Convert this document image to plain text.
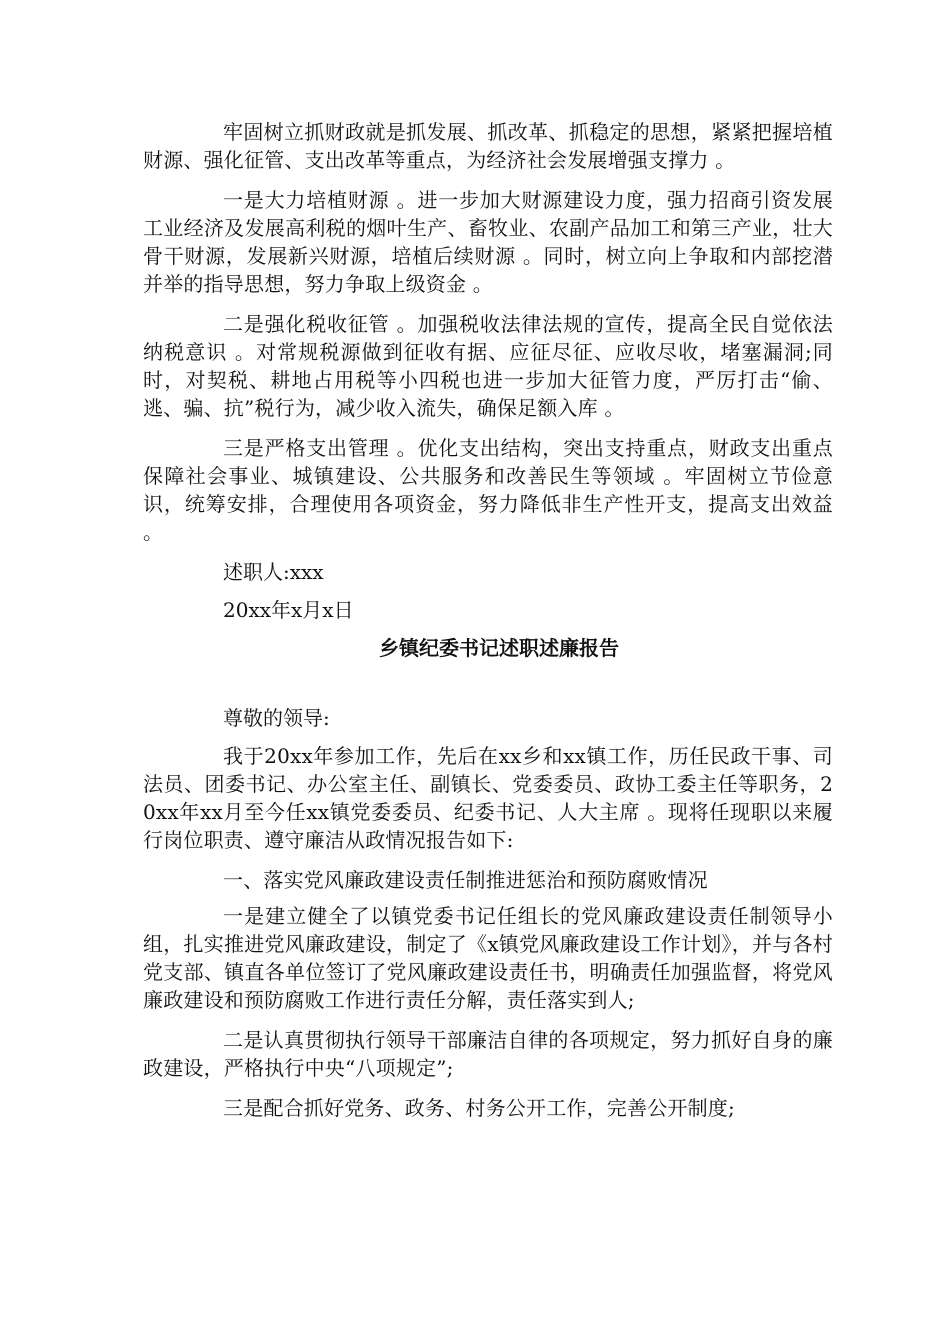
牢固树立抓财政就是抓发展、抓改革、抓稳定的思想，紧紧把握培植财源、强化征管、支出改革等重点，为经济社会发展增强支撑力 。

一是大力培植财源 。进一步加大财源建设力度，强力招商引资发展工业经济及发展高利税的烟叶生产、畜牧业、农副产品加工和第三产业，壮大骨干财源，发展新兴财源，培植后续财源 。同时，树立向上争取和内部挖潜并举的指导思想，努力争取上级资金 。

二是强化税收征管 。加强税收法律法规的宣传，提高全民自觉依法纳税意识 。对常规税源做到征收有据、应征尽征、应收尽收，堵塞漏洞;同时，对契税、耕地占用税等小四税也进一步加大征管力度，严厉打击“偷、逃、骗、抗”税行为，减少收入流失，确保足额入库 。

三是严格支出管理 。优化支出结构，突出支持重点，财政支出重点保障社会事业、城镇建设、公共服务和改善民生等领域 。牢固树立节俭意识，统筹安排，合理使用各项资金，努力降低非生产性开支，提高支出效益 。

述职人:xxx

20xx年x月x日

乡镇纪委书记述职述廉报告

尊敬的领导:

我于20xx年参加工作，先后在xx乡和xx镇工作，历任民政干事、司法员、团委书记、办公室主任、副镇长、党委委员、政协工委主任等职务，20xx年xx月至今任xx镇党委委员、纪委书记、人大主席 。现将任现职以来履行岗位职责、遵守廉洁从政情况报告如下:

一、落实党风廉政建设责任制推进惩治和预防腐败情况

一是建立健全了以镇党委书记任组长的党风廉政建设责任制领导小组，扎实推进党风廉政建设，制定了《x镇党风廉政建设工作计划》，并与各村党支部、镇直各单位签订了党风廉政建设责任书，明确责任加强监督，将党风廉政建设和预防腐败工作进行责任分解，责任落实到人;

二是认真贯彻执行领导干部廉洁自律的各项规定，努力抓好自身的廉政建设，严格执行中央“八项规定”;

三是配合抓好党务、政务、村务公开工作，完善公开制度;
